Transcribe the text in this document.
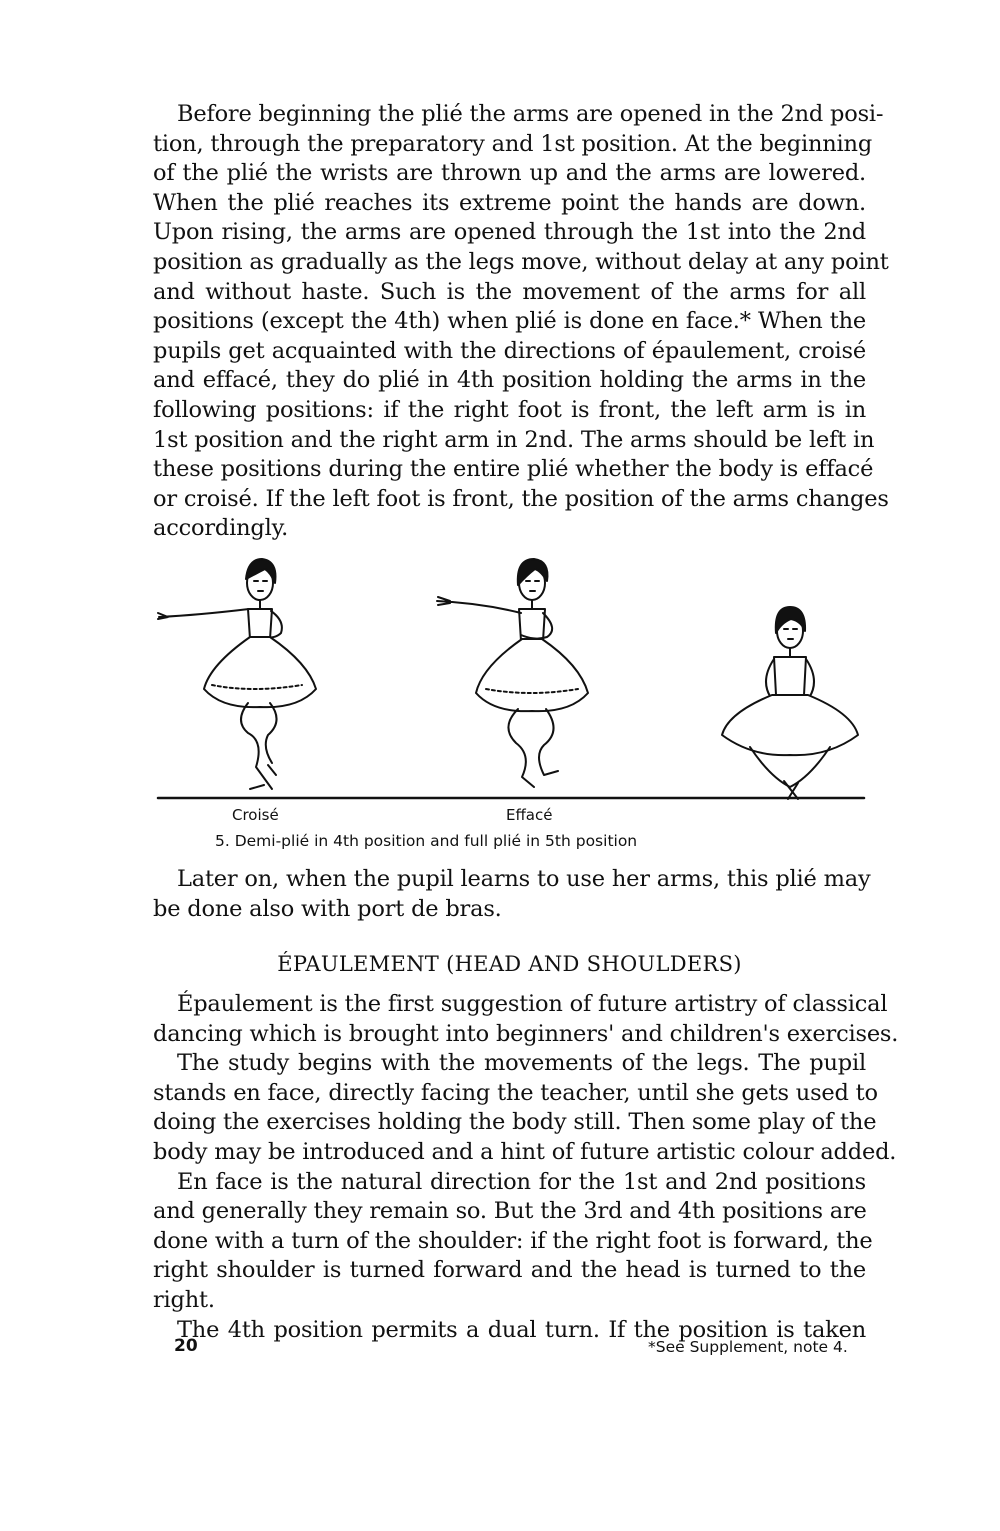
Before beginning the plié the arms are opened in the 2nd posi-
tion, through the preparatory and 1st position. At the beginning
of the plié the wrists are thrown up and the arms are lowered.
When the plié reaches its extreme point the hands are down.
Upon rising, the arms are opened through the 1st into the 2nd
position as gradually as the legs move, without delay at any point
and without haste. Such is the movement of the arms for all
positions (except the 4th) when plié is done en face.* When the
pupils get acquainted with the directions of épaulement, croisé
and effacé, they do plié in 4th position holding the arms in the
following positions: if the right foot is front, the left arm is in
1st position and the right arm in 2nd. The arms should be left in
these positions during the entire plié whether the body is effacé
or croisé. If the left foot is front, the position of the arms changes
accordingly.
Croisé	Effacé
5. Demi-plié in 4th position and full plié in 5th position
Later on, when the pupil learns to use her arms, this plié may
be done also with port de bras.
ÉPAULEMENT (HEAD AND SHOULDERS)
Épaulement is the first suggestion of future artistry of classical
dancing which is brought into beginners' and children's exercises.
The study begins with the movements of the legs. The pupil
stands en face, directly facing the teacher, until she gets used to
doing the exercises holding the body still. Then some play of the
body may be introduced and a hint of future artistic colour added.
En face is the natural direction for the 1st and 2nd positions
and generally they remain so. But the 3rd and 4th positions are
done with a turn of the shoulder: if the right foot is forward, the
right shoulder is turned forward and the head is turned to the
right.
The 4th position permits a dual turn. If the position is taken
20	*See Supplement, note 4.
